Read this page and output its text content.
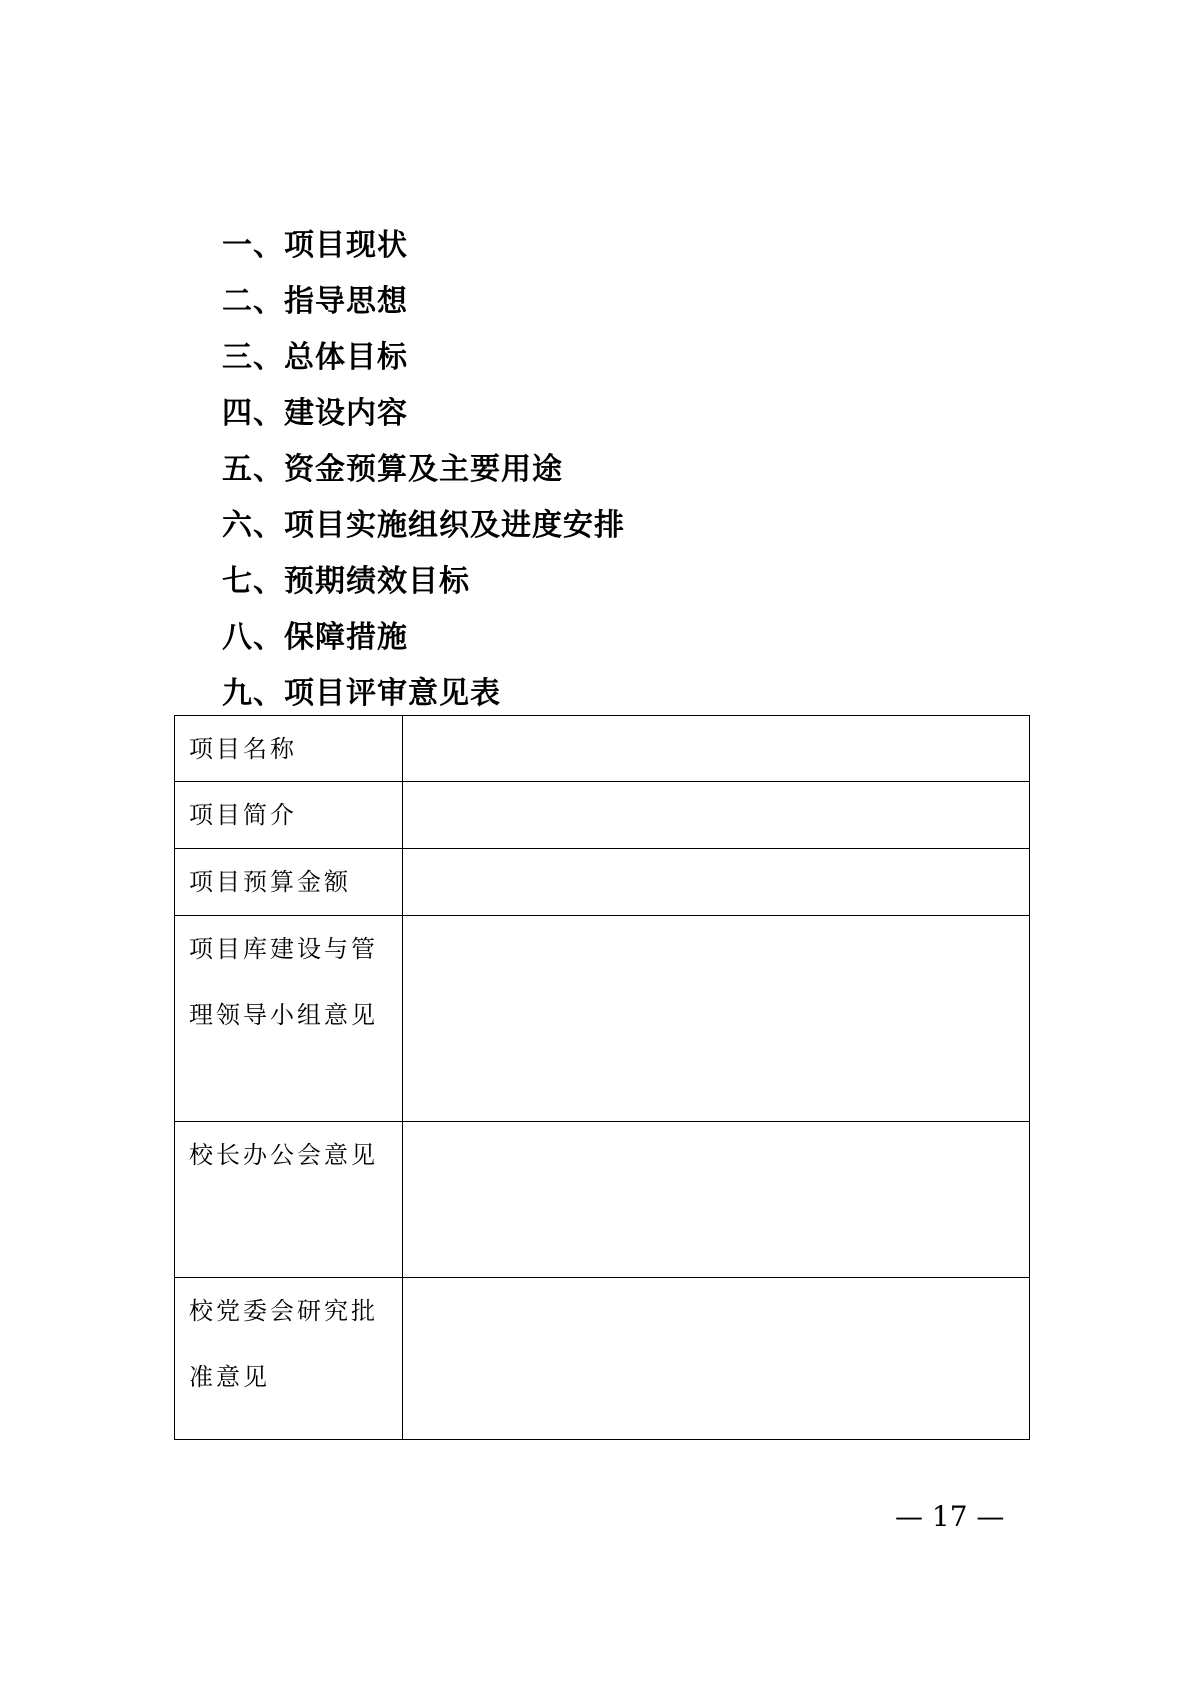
一、项目现状
二、指导思想
三、总体目标
四、建设内容
五、资金预算及主要用途
六、项目实施组织及进度安排
七、预期绩效目标
八、保障措施
九、项目评审意见表
项目名称	

项目简介	

项目预算金额	

项目库建设与管
理领导小组意见	

校长办公会意见	

校党委会研究批
准意见	

— 17 —
